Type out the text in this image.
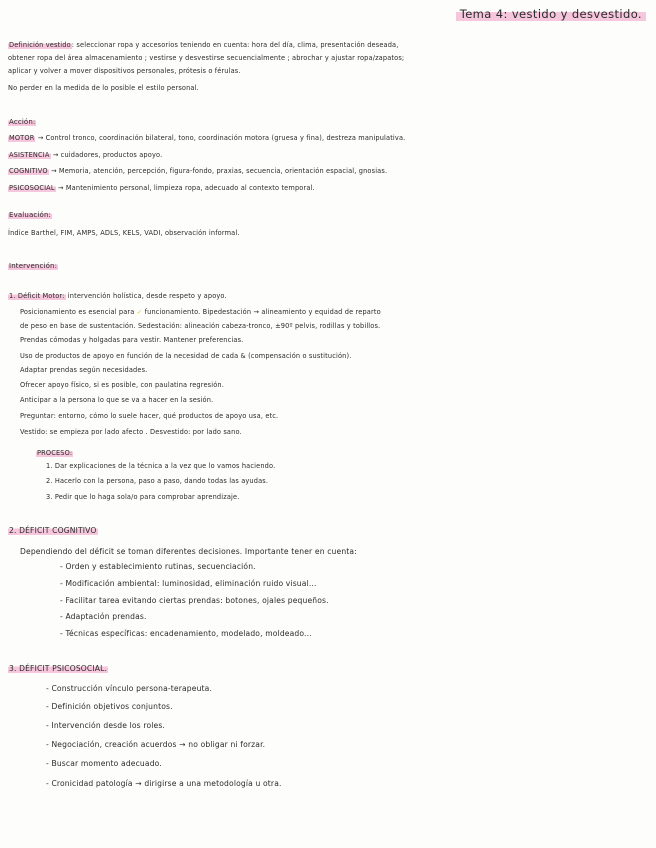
Tema 4: vestido y desvestido.
Definición vestido: seleccionar ropa y accesorios teniendo en cuenta: hora del día, clima, presentación deseada,
obtener ropa del área almacenamiento ; vestirse y desvestirse secuencialmente ; abrochar y ajustar ropa/zapatos;
aplicar y volver a mover dispositivos personales, prótesis o férulas.
No perder en la medida de lo posible el estilo personal.
Acción:
MOTOR → Control tronco, coordinación bilateral, tono, coordinación motora (gruesa y fina), destreza manipulativa.
ASISTENCIA → cuidadores, productos apoyo.
COGNITIVO → Memoria, atención, percepción, figura-fondo, praxias, secuencia, orientación espacial, gnosias.
PSICOSOCIAL → Mantenimiento personal, limpieza ropa, adecuado al contexto temporal.
Evaluación:
Índice Barthel, FIM, AMPS, ADLS, KELS, VADI, observación informal.
Intervención:
1. Déficit Motor: intervención holística, desde respeto y apoyo.
Posicionamiento es esencial para ✓ funcionamiento. Bipedestación → alineamiento y equidad de reparto
de peso en base de sustentación. Sedestación: alineación cabeza-tronco, ±90º pelvis, rodillas y tobillos.
Prendas cómodas y holgadas para vestir. Mantener preferencias.
Uso de productos de apoyo en función de la necesidad de cada & (compensación o sustitución).
Adaptar prendas según necesidades.
Ofrecer apoyo físico, si es posible, con paulatina regresión.
Anticipar a la persona lo que se va a hacer en la sesión.
Preguntar: entorno, cómo lo suele hacer, qué productos de apoyo usa, etc.
Vestido: se empieza por lado afecto . Desvestido: por lado sano.
PROCESO:
1. Dar explicaciones de la técnica a la vez que lo vamos haciendo.
2. Hacerlo con la persona, paso a paso, dando todas las ayudas.
3. Pedir que lo haga sola/o para comprobar aprendizaje.
2. DÉFICIT COGNITIVO
Dependiendo del déficit se toman diferentes decisiones. Importante tener en cuenta:
- Orden y establecimiento rutinas, secuenciación.
- Modificación ambiental: luminosidad, eliminación ruido visual...
- Facilitar tarea evitando ciertas prendas: botones, ojales pequeños.
- Adaptación prendas.
- Técnicas específicas: encadenamiento, modelado, moldeado...
3. DÉFICIT PSICOSOCIAL.
- Construcción vínculo persona-terapeuta.
- Definición objetivos conjuntos.
- Intervención desde los roles.
- Negociación, creación acuerdos → no obligar ni forzar.
- Buscar momento adecuado.
- Cronicidad patología → dirigirse a una metodología u otra.
